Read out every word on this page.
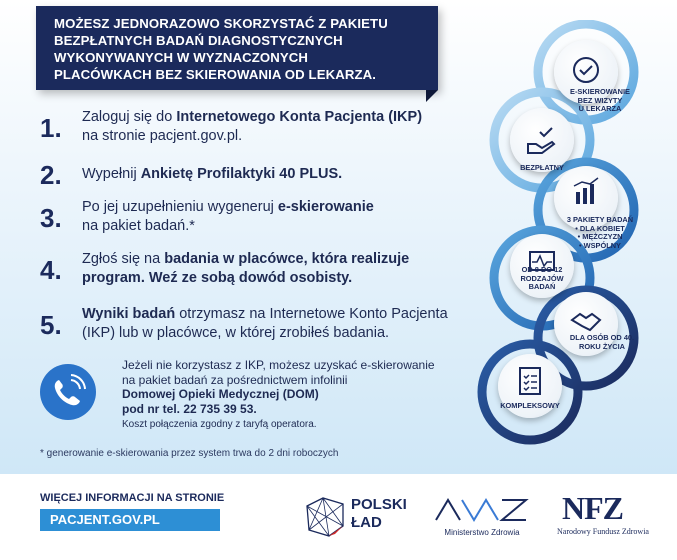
MOŻESZ JEDNORAZOWO SKORZYSTAĆ Z PAKIETU
BEZPŁATNYCH BADAŃ DIAGNOSTYCZNYCH
WYKONYWANYCH W WYZNACZONYCH
PLACÓWKACH BEZ SKIEROWANIA OD LEKARZA.
1.	Zaloguj się do Internetowego Konta Pacjenta (IKP)
na stronie pacjent.gov.pl.
2.	Wypełnij Ankietę Profilaktyki 40 PLUS.
3.	Po jej uzupełnieniu wygeneruj e-skierowanie
na pakiet badań.*
4.	Zgłoś się na badania w placówce, która realizuje
program. Weź ze sobą dowód osobisty.
5.	Wyniki badań otrzymasz na Internetowe Konto Pacjenta
(IKP) lub w placówce, w której zrobiłeś badania.
Jeżeli nie korzystasz z IKP, możesz uzyskać e-skierowanie
na pakiet badań za pośrednictwem infolinii
Domowej Opieki Medycznej (DOM)
pod nr tel. 22 735 39 53.
Koszt połączenia zgodny z taryfą operatora.
* generowanie e-skierowania przez system trwa do 2 dni roboczych
E-SKIEROWANIE
BEZ WIZYTY
U LEKARZA
BEZPŁATNY
3 PAKIETY BADAŃ
• DLA KOBIET
• MĘŻCZYZN
• WSPÓLNY
OD 8 DO 12
RODZAJÓW
BADAŃ
DLA OSÓB OD 40.
ROKU ŻYCIA
KOMPLEKSOWY
WIĘCEJ INFORMACJI NA STRONIE
PACJENT.GOV.PL
POLSKI
ŁAD
Ministerstwo Zdrowia
NFZ
Narodowy Fundusz Zdrowia
